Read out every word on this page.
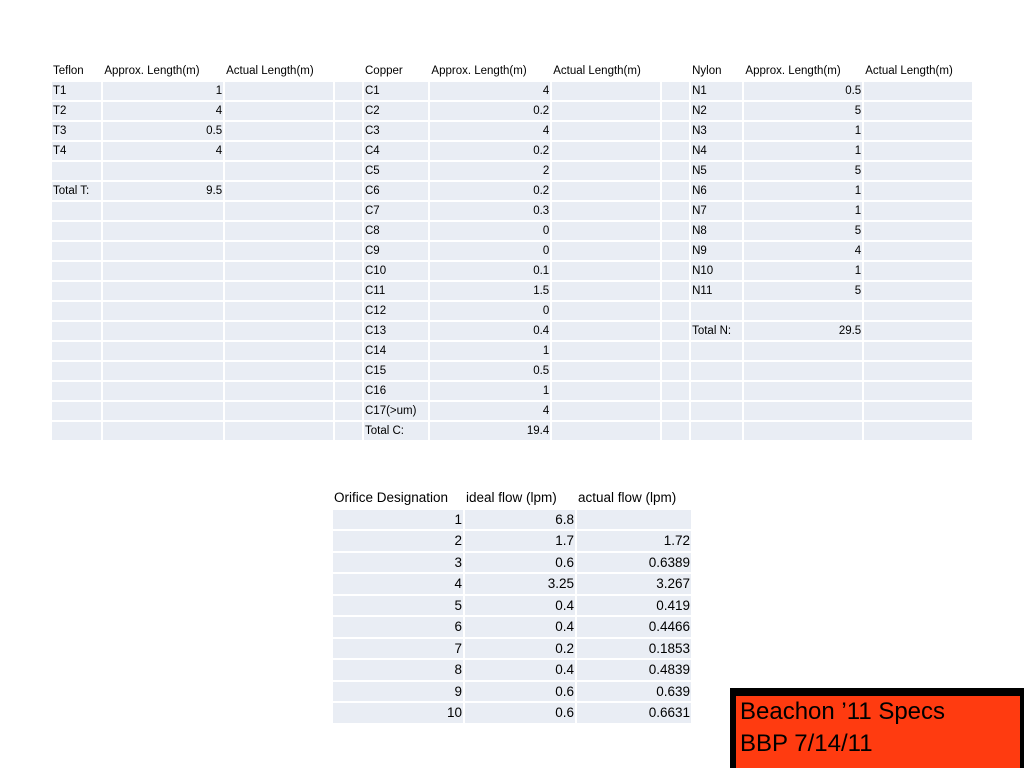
Teflon	Approx. Length(m)	Actual Length(m)		Copper	Approx. Length(m)	Actual Length(m)		Nylon	Approx. Length(m)	Actual Length(m)
T1	1			C1	4			N1	0.5	
T2	4			C2	0.2			N2	5	
T3	0.5			C3	4			N3	1	
T4	4			C4	0.2			N4	1	
				C5	2			N5	5	
Total T:	9.5			C6	0.2			N6	1	
				C7	0.3			N7	1	
				C8	0			N8	5	
				C9	0			N9	4	
				C10	0.1			N10	1	
				C11	1.5			N11	5	
				C12	0					
				C13	0.4			Total N:	29.5	
				C14	1					
				C15	0.5					
				C16	1					
				C17(>um)	4					
				Total C:	19.4					
Orifice Designation	ideal flow (lpm)	actual flow (lpm)
1	6.8	
2	1.7	1.72
3	0.6	0.6389
4	3.25	3.267
5	0.4	0.419
6	0.4	0.4466
7	0.2	0.1853
8	0.4	0.4839
9	0.6	0.639
10	0.6	0.6631 Beachon ’11 Specs
BBP 7/14/11
